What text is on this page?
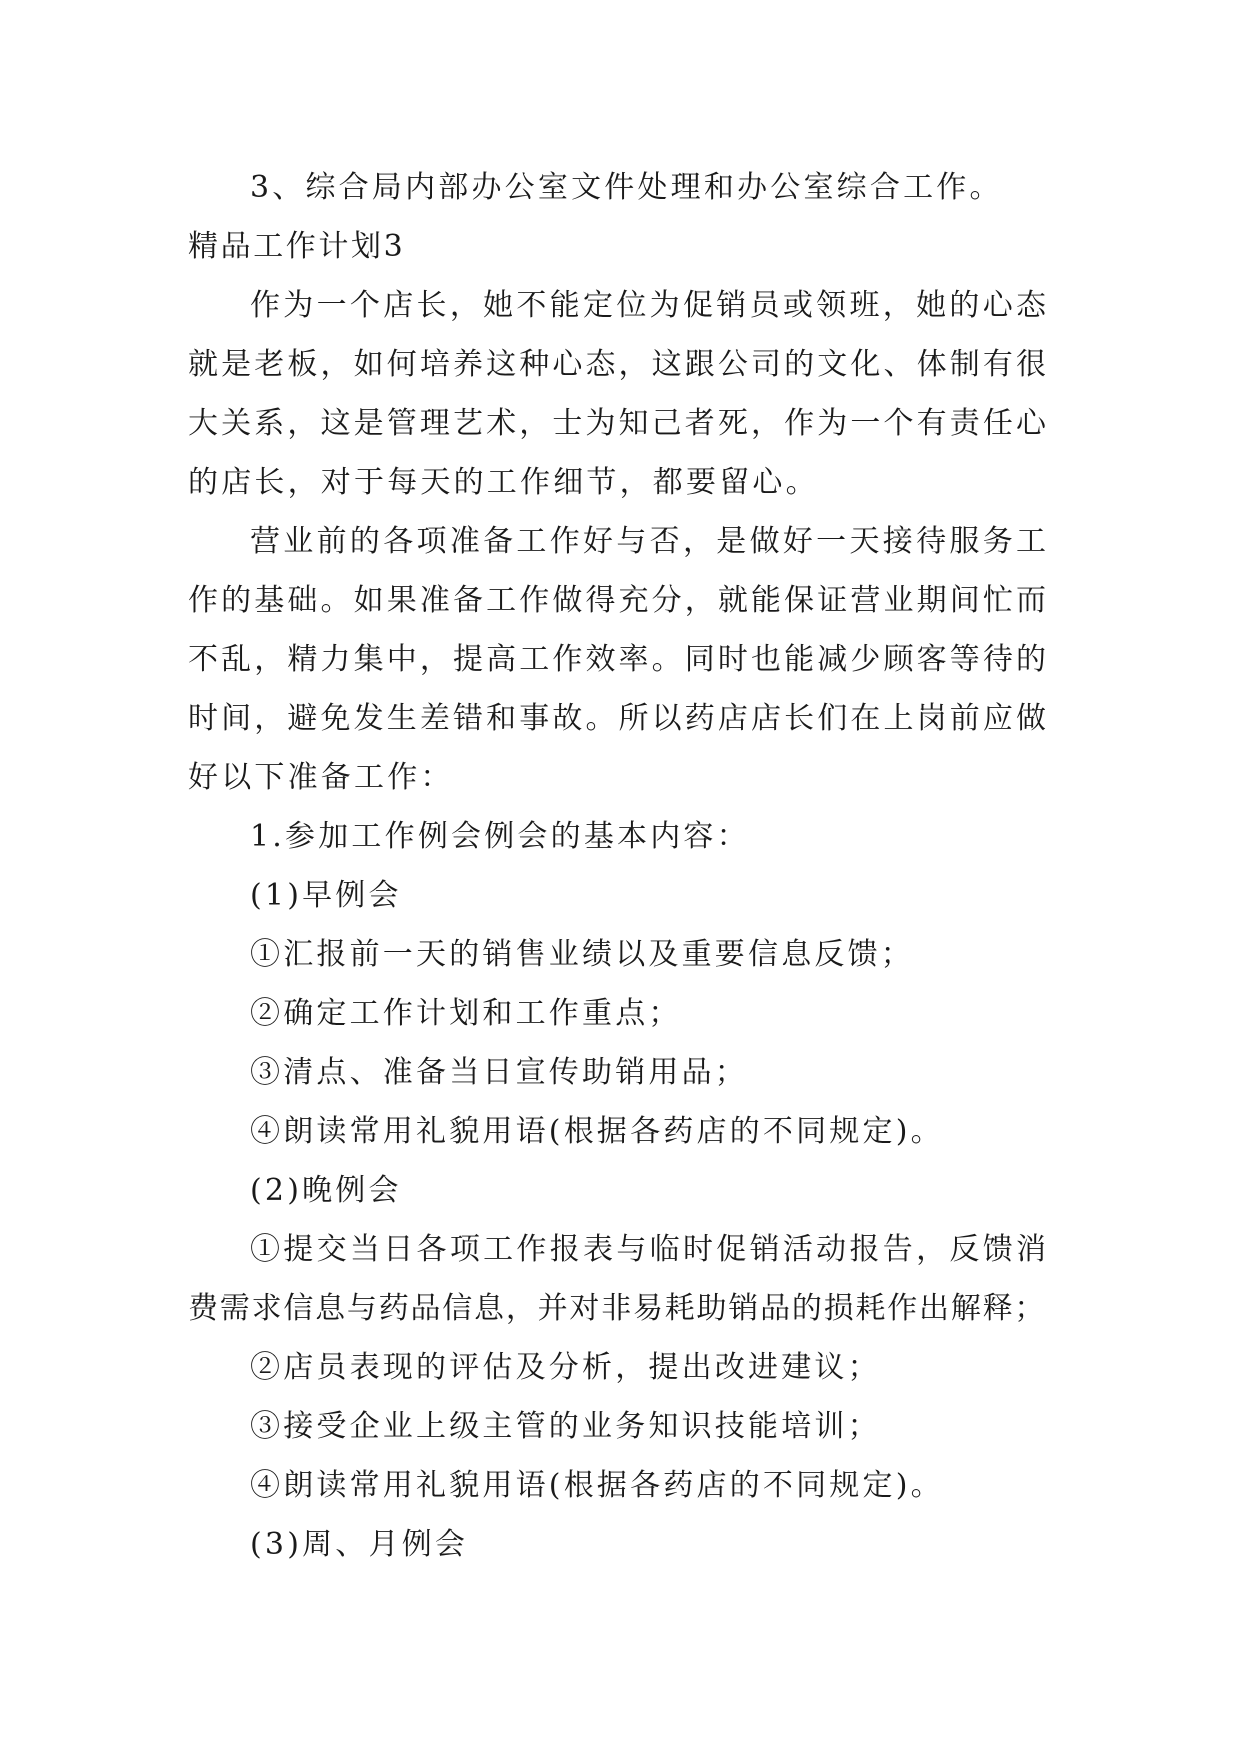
3、综合局内部办公室文件处理和办公室综合工作。
精品工作计划3
作为一个店长，她不能定位为促销员或领班，她的心态
就是老板，如何培养这种心态，这跟公司的文化、体制有很
大关系，这是管理艺术，士为知己者死，作为一个有责任心
的店长，对于每天的工作细节，都要留心。
营业前的各项准备工作好与否，是做好一天接待服务工
作的基础。如果准备工作做得充分，就能保证营业期间忙而
不乱，精力集中，提高工作效率。同时也能减少顾客等待的
时间，避免发生差错和事故。所以药店店长们在上岗前应做
好以下准备工作：
1.参加工作例会例会的基本内容：
(1)早例会
①汇报前一天的销售业绩以及重要信息反馈；
②确定工作计划和工作重点；
③清点、准备当日宣传助销用品；
④朗读常用礼貌用语(根据各药店的不同规定)。
(2)晚例会
①提交当日各项工作报表与临时促销活动报告，反馈消
费需求信息与药品信息，并对非易耗助销品的损耗作出解释；
②店员表现的评估及分析，提出改进建议；
③接受企业上级主管的业务知识技能培训；
④朗读常用礼貌用语(根据各药店的不同规定)。
(3)周、月例会
